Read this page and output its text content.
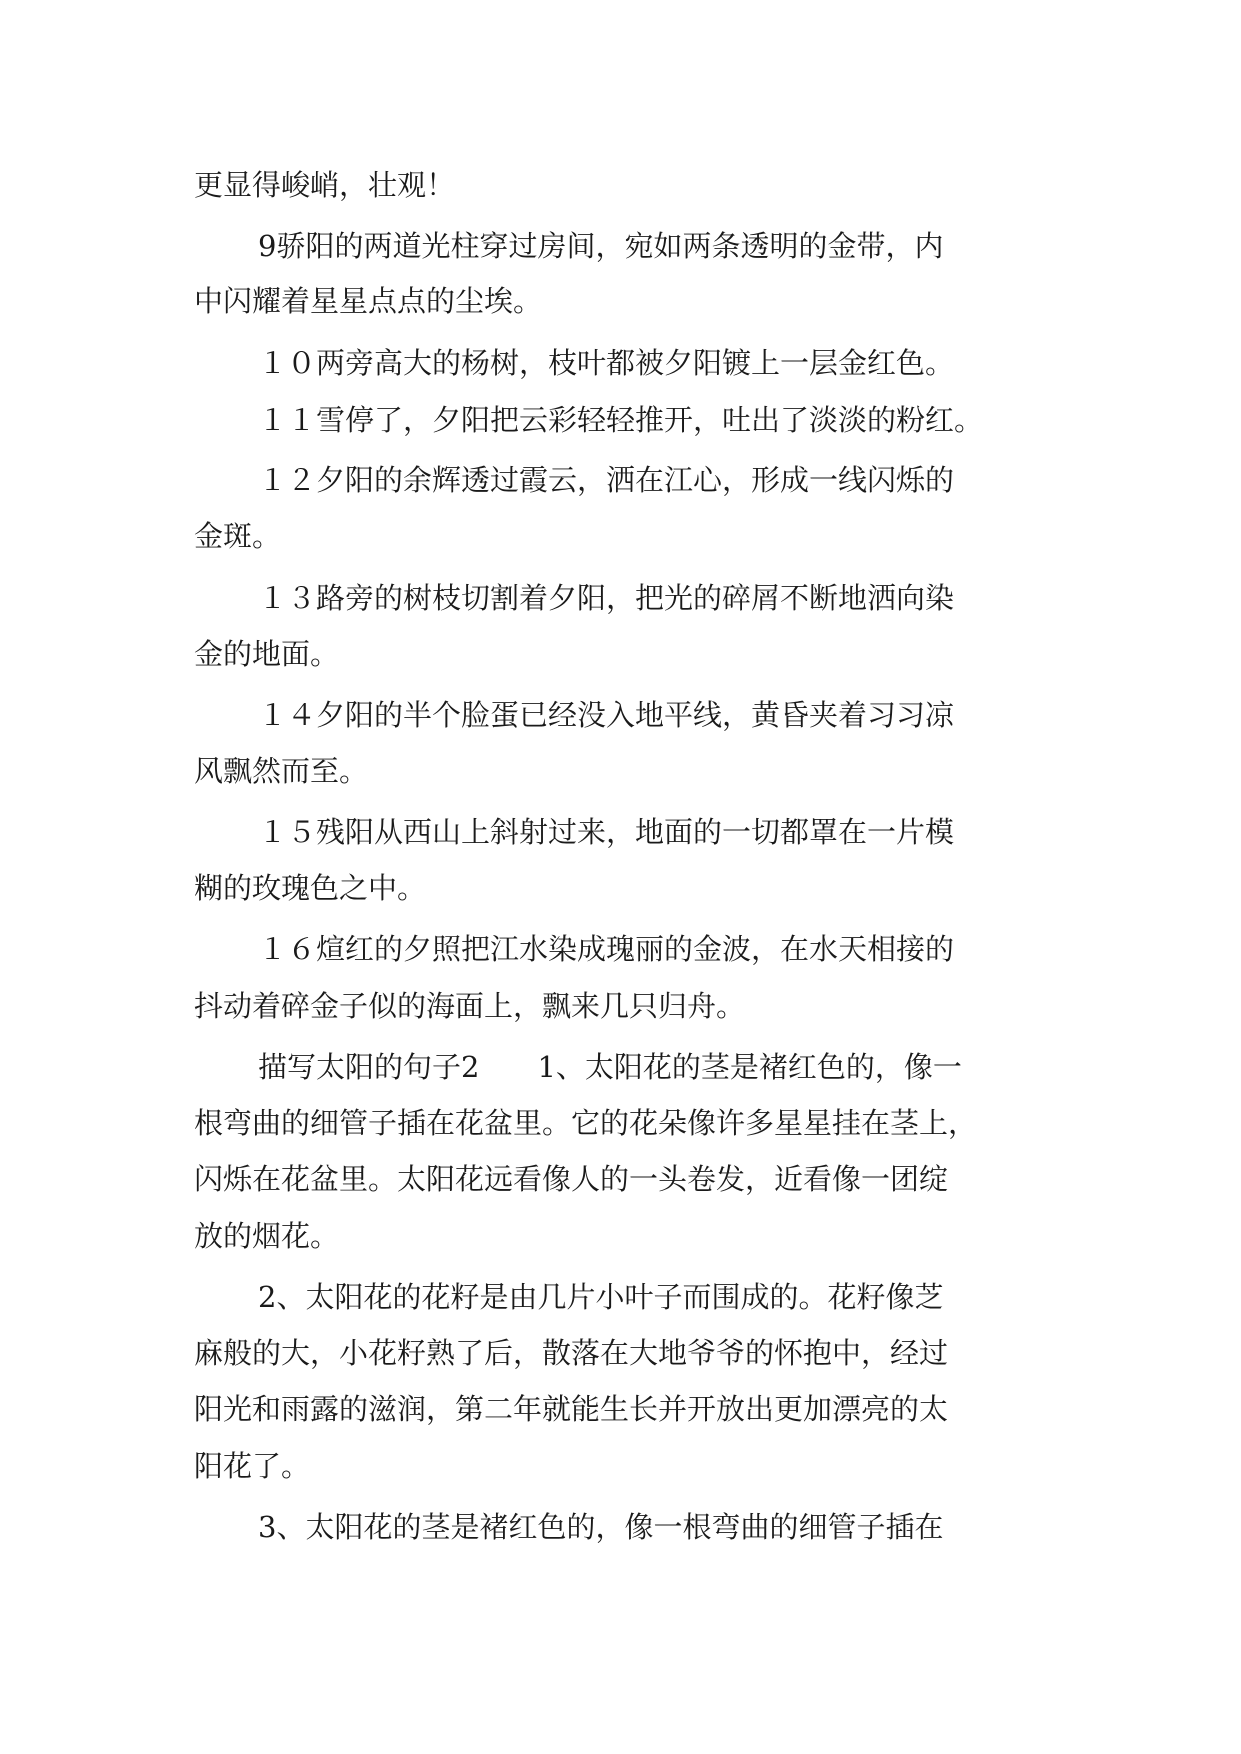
更显得峻峭，壮观！
9骄阳的两道光柱穿过房间，宛如两条透明的金带，内
中闪耀着星星点点的尘埃。
１０两旁高大的杨树，枝叶都被夕阳镀上一层金红色。
１１雪停了，夕阳把云彩轻轻推开，吐出了淡淡的粉红。
１２夕阳的余辉透过霞云，洒在江心，形成一线闪烁的
金斑。
１３路旁的树枝切割着夕阳，把光的碎屑不断地洒向染
金的地面。
１４夕阳的半个脸蛋已经没入地平线，黄昏夹着习习凉
风飘然而至。
１５残阳从西山上斜射过来，地面的一切都罩在一片模
糊的玫瑰色之中。
１６煊红的夕照把江水染成瑰丽的金波，在水天相接的
抖动着碎金子似的海面上，飘来几只归舟。
描写太阳的句子2　　1、太阳花的茎是褚红色的，像一
根弯曲的细管子插在花盆里。它的花朵像许多星星挂在茎上，
闪烁在花盆里。太阳花远看像人的一头卷发，近看像一团绽
放的烟花。
2、太阳花的花籽是由几片小叶子而围成的。花籽像芝
麻般的大，小花籽熟了后，散落在大地爷爷的怀抱中，经过
阳光和雨露的滋润，第二年就能生长并开放出更加漂亮的太
阳花了。
3、太阳花的茎是褚红色的，像一根弯曲的细管子插在
